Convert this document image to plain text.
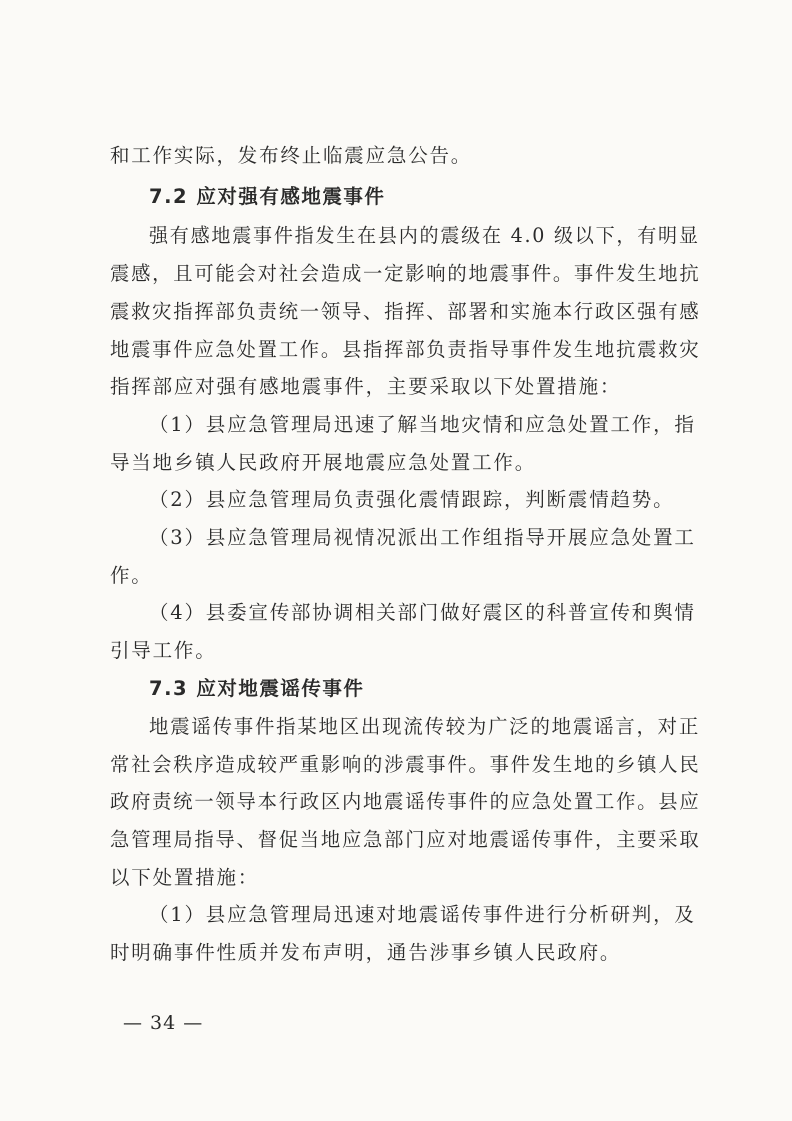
和工作实际，发布终止临震应急公告。
7.2 应对强有感地震事件
强有感地震事件指发生在县内的震级在 4.0 级以下，有明显
震感，且可能会对社会造成一定影响的地震事件。事件发生地抗
震救灾指挥部负责统一领导、指挥、部署和实施本行政区强有感
地震事件应急处置工作。县指挥部负责指导事件发生地抗震救灾
指挥部应对强有感地震事件，主要采取以下处置措施：
（1）县应急管理局迅速了解当地灾情和应急处置工作，指
导当地乡镇人民政府开展地震应急处置工作。
（2）县应急管理局负责强化震情跟踪，判断震情趋势。
（3）县应急管理局视情况派出工作组指导开展应急处置工
作。
（4）县委宣传部协调相关部门做好震区的科普宣传和舆情
引导工作。
7.3 应对地震谣传事件
地震谣传事件指某地区出现流传较为广泛的地震谣言，对正
常社会秩序造成较严重影响的涉震事件。事件发生地的乡镇人民
政府责统一领导本行政区内地震谣传事件的应急处置工作。县应
急管理局指导、督促当地应急部门应对地震谣传事件，主要采取
以下处置措施：
（1）县应急管理局迅速对地震谣传事件进行分析研判，及
时明确事件性质并发布声明，通告涉事乡镇人民政府。
— 34 —
